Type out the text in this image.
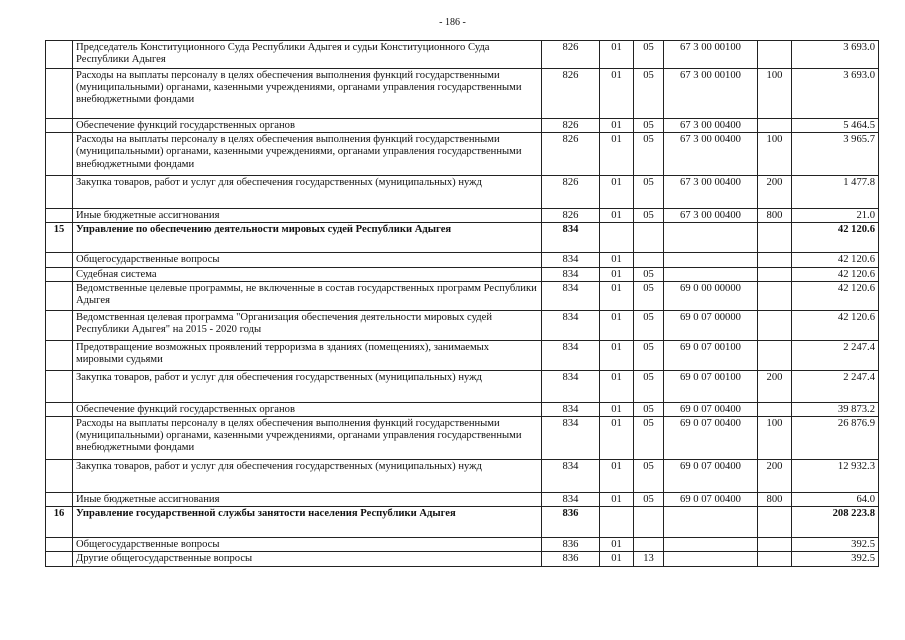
- 186 -
	Председатель Конституционного Суда Республики Адыгея и судьи Конституционного Суда Республики Адыгея	826	01	05	67 3 00 00100		3 693.0
	Расходы на выплаты персоналу в целях обеспечения выполнения функций государственными (муниципальными) органами, казенными учреждениями, органами управления государственными внебюджетными фондами	826	01	05	67 3 00 00100	100	3 693.0
	Обеспечение функций государственных органов	826	01	05	67 3 00 00400		5 464.5
	Расходы на выплаты персоналу в целях обеспечения выполнения функций государственными (муниципальными) органами, казенными учреждениями, органами управления государственными внебюджетными фондами	826	01	05	67 3 00 00400	100	3 965.7
	Закупка товаров, работ и услуг для обеспечения государственных (муниципальных) нужд	826	01	05	67 3 00 00400	200	1 477.8
	Иные бюджетные ассигнования	826	01	05	67 3 00 00400	800	21.0
15	Управление по обеспечению деятельности мировых судей Республики Адыгея	834					42 120.6
	Общегосударственные вопросы	834	01				42 120.6
	Судебная система	834	01	05			42 120.6
	Ведомственные целевые программы, не включенные в состав государственных программ Республики Адыгея	834	01	05	69 0 00 00000		42 120.6
	Ведомственная целевая программа "Организация обеспечения деятельности мировых судей Республики Адыгея" на 2015 - 2020 годы	834	01	05	69 0 07 00000		42 120.6
	Предотвращение возможных проявлений терроризма в зданиях (помещениях), занимаемых мировыми судьями	834	01	05	69 0 07 00100		2 247.4
	Закупка товаров, работ и услуг для обеспечения государственных (муниципальных) нужд	834	01	05	69 0 07 00100	200	2 247.4
	Обеспечение функций государственных органов	834	01	05	69 0 07 00400		39 873.2
	Расходы на выплаты персоналу в целях обеспечения выполнения функций государственными (муниципальными) органами, казенными учреждениями, органами управления государственными внебюджетными фондами	834	01	05	69 0 07 00400	100	26 876.9
	Закупка товаров, работ и услуг для обеспечения государственных (муниципальных) нужд	834	01	05	69 0 07 00400	200	12 932.3
	Иные бюджетные ассигнования	834	01	05	69 0 07 00400	800	64.0
16	Управление государственной службы занятости населения Республики Адыгея	836					208 223.8
	Общегосударственные вопросы	836	01				392.5
	Другие общегосударственные вопросы	836	01	13			392.5
